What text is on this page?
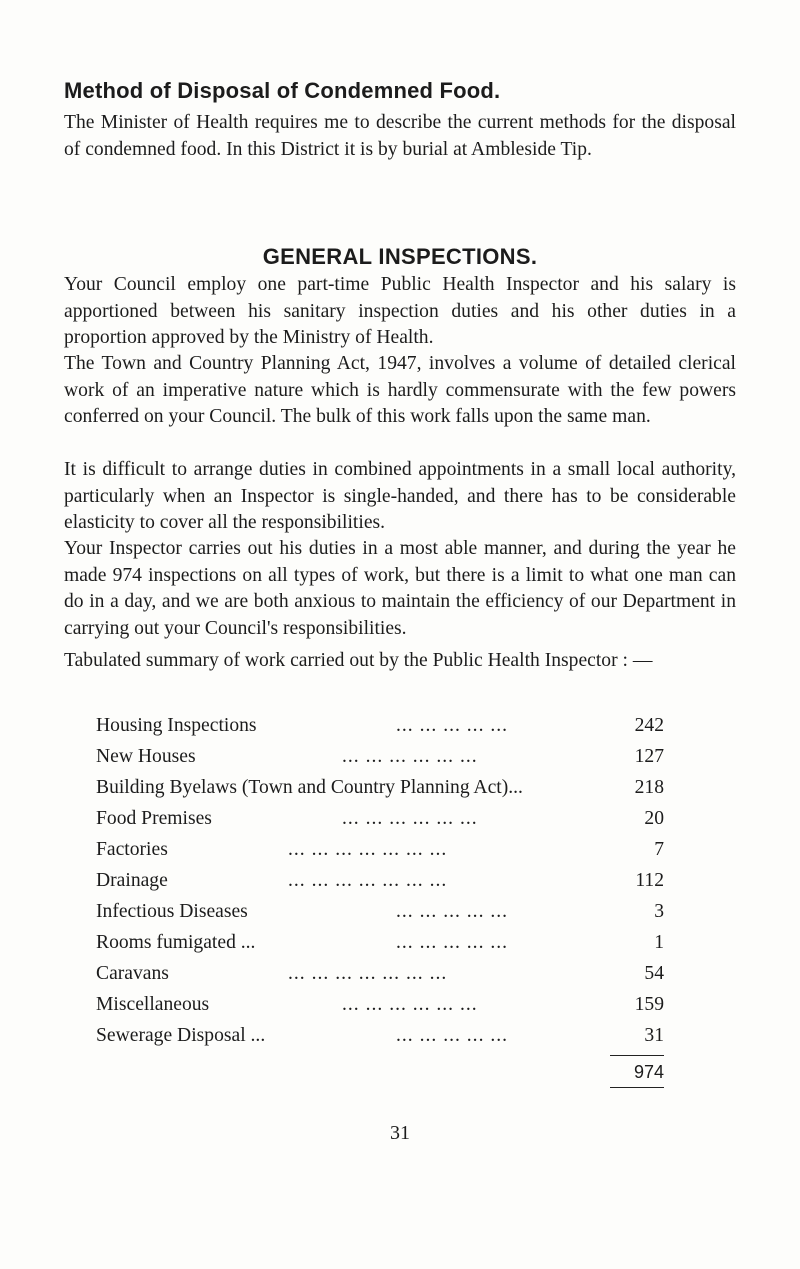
Method of Disposal of Condemned Food.

The Minister of Health requires me to describe the current methods for the disposal of condemned food. In this District it is by burial at Ambleside Tip.

GENERAL INSPECTIONS.

Your Council employ one part-time Public Health Inspector and his salary is apportioned between his sanitary inspection duties and his other duties in a proportion approved by the Ministry of Health.

The Town and Country Planning Act, 1947, involves a volume of detailed clerical work of an imperative nature which is hardly commensurate with the few powers conferred on your Council. The bulk of this work falls upon the same man.

It is difficult to arrange duties in combined appointments in a small local authority, particularly when an Inspector is single-handed, and there has to be considerable elasticity to cover all the responsibilities.

Your Inspector carries out his duties in a most able manner, and during the year he made 974 inspections on all types of work, but there is a limit to what one man can do in a day, and we are both anxious to maintain the efficiency of our Department in carrying out your Council's responsibilities.

Tabulated summary of work carried out by the Public Health Inspector : —

Housing Inspections	... ... ... ... ...	242
New Houses	... ... ... ... ... ...	127
Building Byelaws (Town and Country Planning Act)...	218
Food Premises	... ... ... ... ... ...	20
Factories	... ... ... ... ... ... ...	7
Drainage	... ... ... ... ... ... ...	112
Infectious Diseases	... ... ... ... ...	3
Rooms fumigated ...	... ... ... ... ...	1
Caravans	... ... ... ... ... ... ...	54
Miscellaneous	... ... ... ... ... ...	159
Sewerage Disposal ...	... ... ... ... ...	31
974
31
